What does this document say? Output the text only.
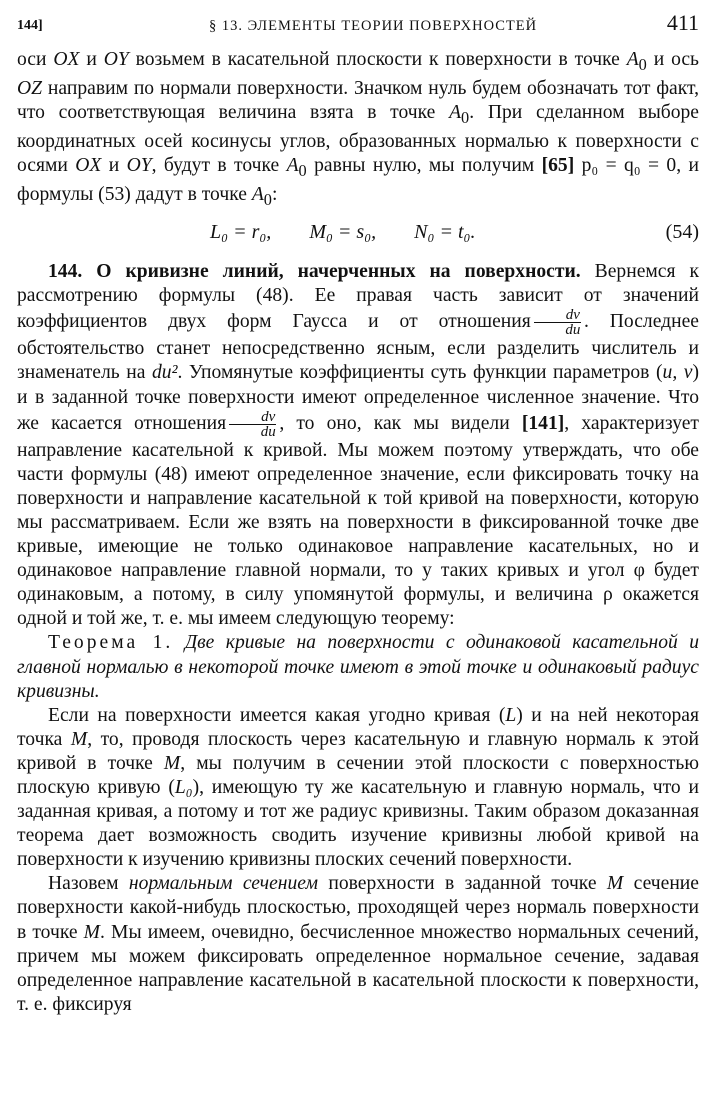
144]	§ 13. ЭЛЕМЕНТЫ ТЕОРИИ ПОВЕРХНОСТЕЙ	411

оси OX и OY возьмем в касательной плоскости к поверхности в точке $A_0$ и ось OZ направим по нормали поверхности. Значком нуль будем обозначать тот факт, что соответствующая величина взята в точке $A_0$. При сделанном выборе координатных осей косинусы углов, образованных нормалью к поверхности с осями OX и OY, будут в точке $A_0$ равны нулю, мы получим [65] p₀ = q₀ = 0, и формулы (53) дадут в точке $A_0$:

L₀ = r₀, M₀ = s₀, N₀ = t₀.	(54)

144. О кривизне линий, начерченных на поверхности. Вернемся к рассмотрению формулы (48). Ее правая часть зависит от значений коэффициентов двух форм Гаусса и от отношения $\frac{dv}{du}$ . Последнее обстоятельство станет непосредственно ясным, если разделить числитель и знаменатель на du². Упомянутые коэффициенты суть функции параметров (u, v) и в заданной точке поверхности имеют определенное численное значение. Что же касается отношения $\frac{dv}{du}$ , то оно, как мы видели [141], характеризует направление касательной к кривой. Мы можем поэтому утверждать, что обе части формулы (48) имеют определенное значение, если фиксировать точку на поверхности и направление касательной к той кривой на поверхности, которую мы рассматриваем. Если же взять на поверхности в фиксированной точке две кривые, имеющие не только одинаковое направление касательных, но и одинаковое направление главной нормали, то у таких кривых и угол φ будет одинаковым, а потому, в силу упомянутой формулы, и величина ρ окажется одной и той же, т. е. мы имеем следующую теорему:

Теорема 1. Две кривые на поверхности с одинаковой касательной и главной нормалью в некоторой точке имеют в этой точке и одинаковый радиус кривизны.

Если на поверхности имеется какая угодно кривая (L) и на ней некоторая точка M, то, проводя плоскость через касательную и главную нормаль к этой кривой в точке M, мы получим в сечении этой плоскости с поверхностью плоскую кривую (L₀), имеющую ту же касательную и главную нормаль, что и заданная кривая, а потому и тот же радиус кривизны. Таким образом доказанная теорема дает возможность сводить изучение кривизны любой кривой на поверхности к изучению кривизны плоских сечений поверхности.

Назовем нормальным сечением поверхности в заданной точке M сечение поверхности какой-нибудь плоскостью, проходящей через нормаль поверхности в точке M. Мы имеем, очевидно, бесчисленное множество нормальных сечений, причем мы можем фиксировать определенное нормальное сечение, задавая определенное направление касательной в касательной плоскости к поверхности, т. е. фиксируя
